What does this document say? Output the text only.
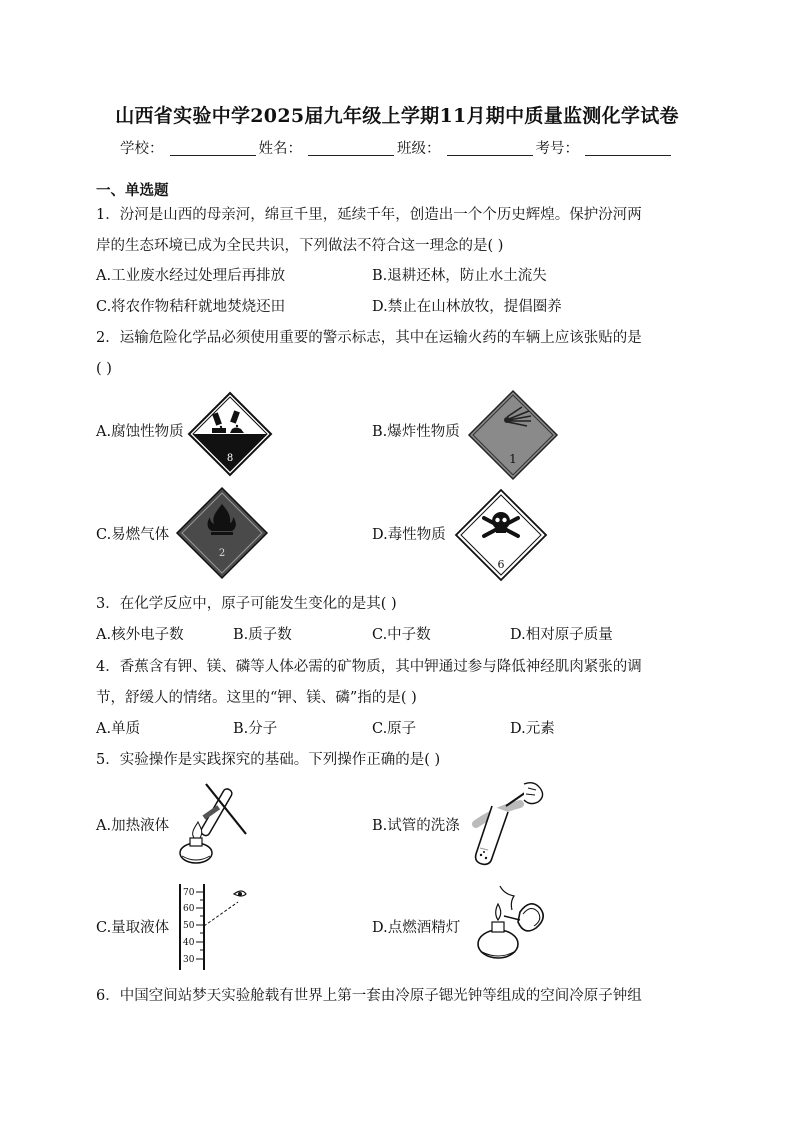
山西省实验中学2025届九年级上学期11月期中质量监测化学试卷
学校：	姓名：	班级：	考号：
一、单选题
1．汾河是山西的母亲河，绵亘千里，延续千年，创造出一个个历史辉煌。保护汾河两
岸的生态环境已成为全民共识，下列做法不符合这一理念的是( )
A.工业废水经过处理后再排放	B.退耕还林，防止水土流失
C.将农作物秸秆就地焚烧还田	D.禁止在山林放牧，提倡圈养
2．运输危险化学品必须使用重要的警示标志，其中在运输火药的车辆上应该张贴的是
( )
A.腐蚀性物质
8
B.爆炸性物质
1
C.易燃气体
2
D.毒性物质
6
3．在化学反应中，原子可能发生变化的是其( )
A.核外电子数	B.质子数	C.中子数	D.相对原子质量
4．香蕉含有钾、镁、磷等人体必需的矿物质，其中钾通过参与降低神经肌肉紧张的调
节，舒缓人的情绪。这里的“钾、镁、磷”指的是( )
A.单质	B.分子	C.原子	D.元素
5．实验操作是实践探究的基础。下列操作正确的是( )
A.加热液体	B.试管的洗涤
C.量取液体
70
60
50
40
30
D.点燃酒精灯
6．中国空间站梦天实验舱载有世界上第一套由冷原子锶光钟等组成的空间冷原子钟组
